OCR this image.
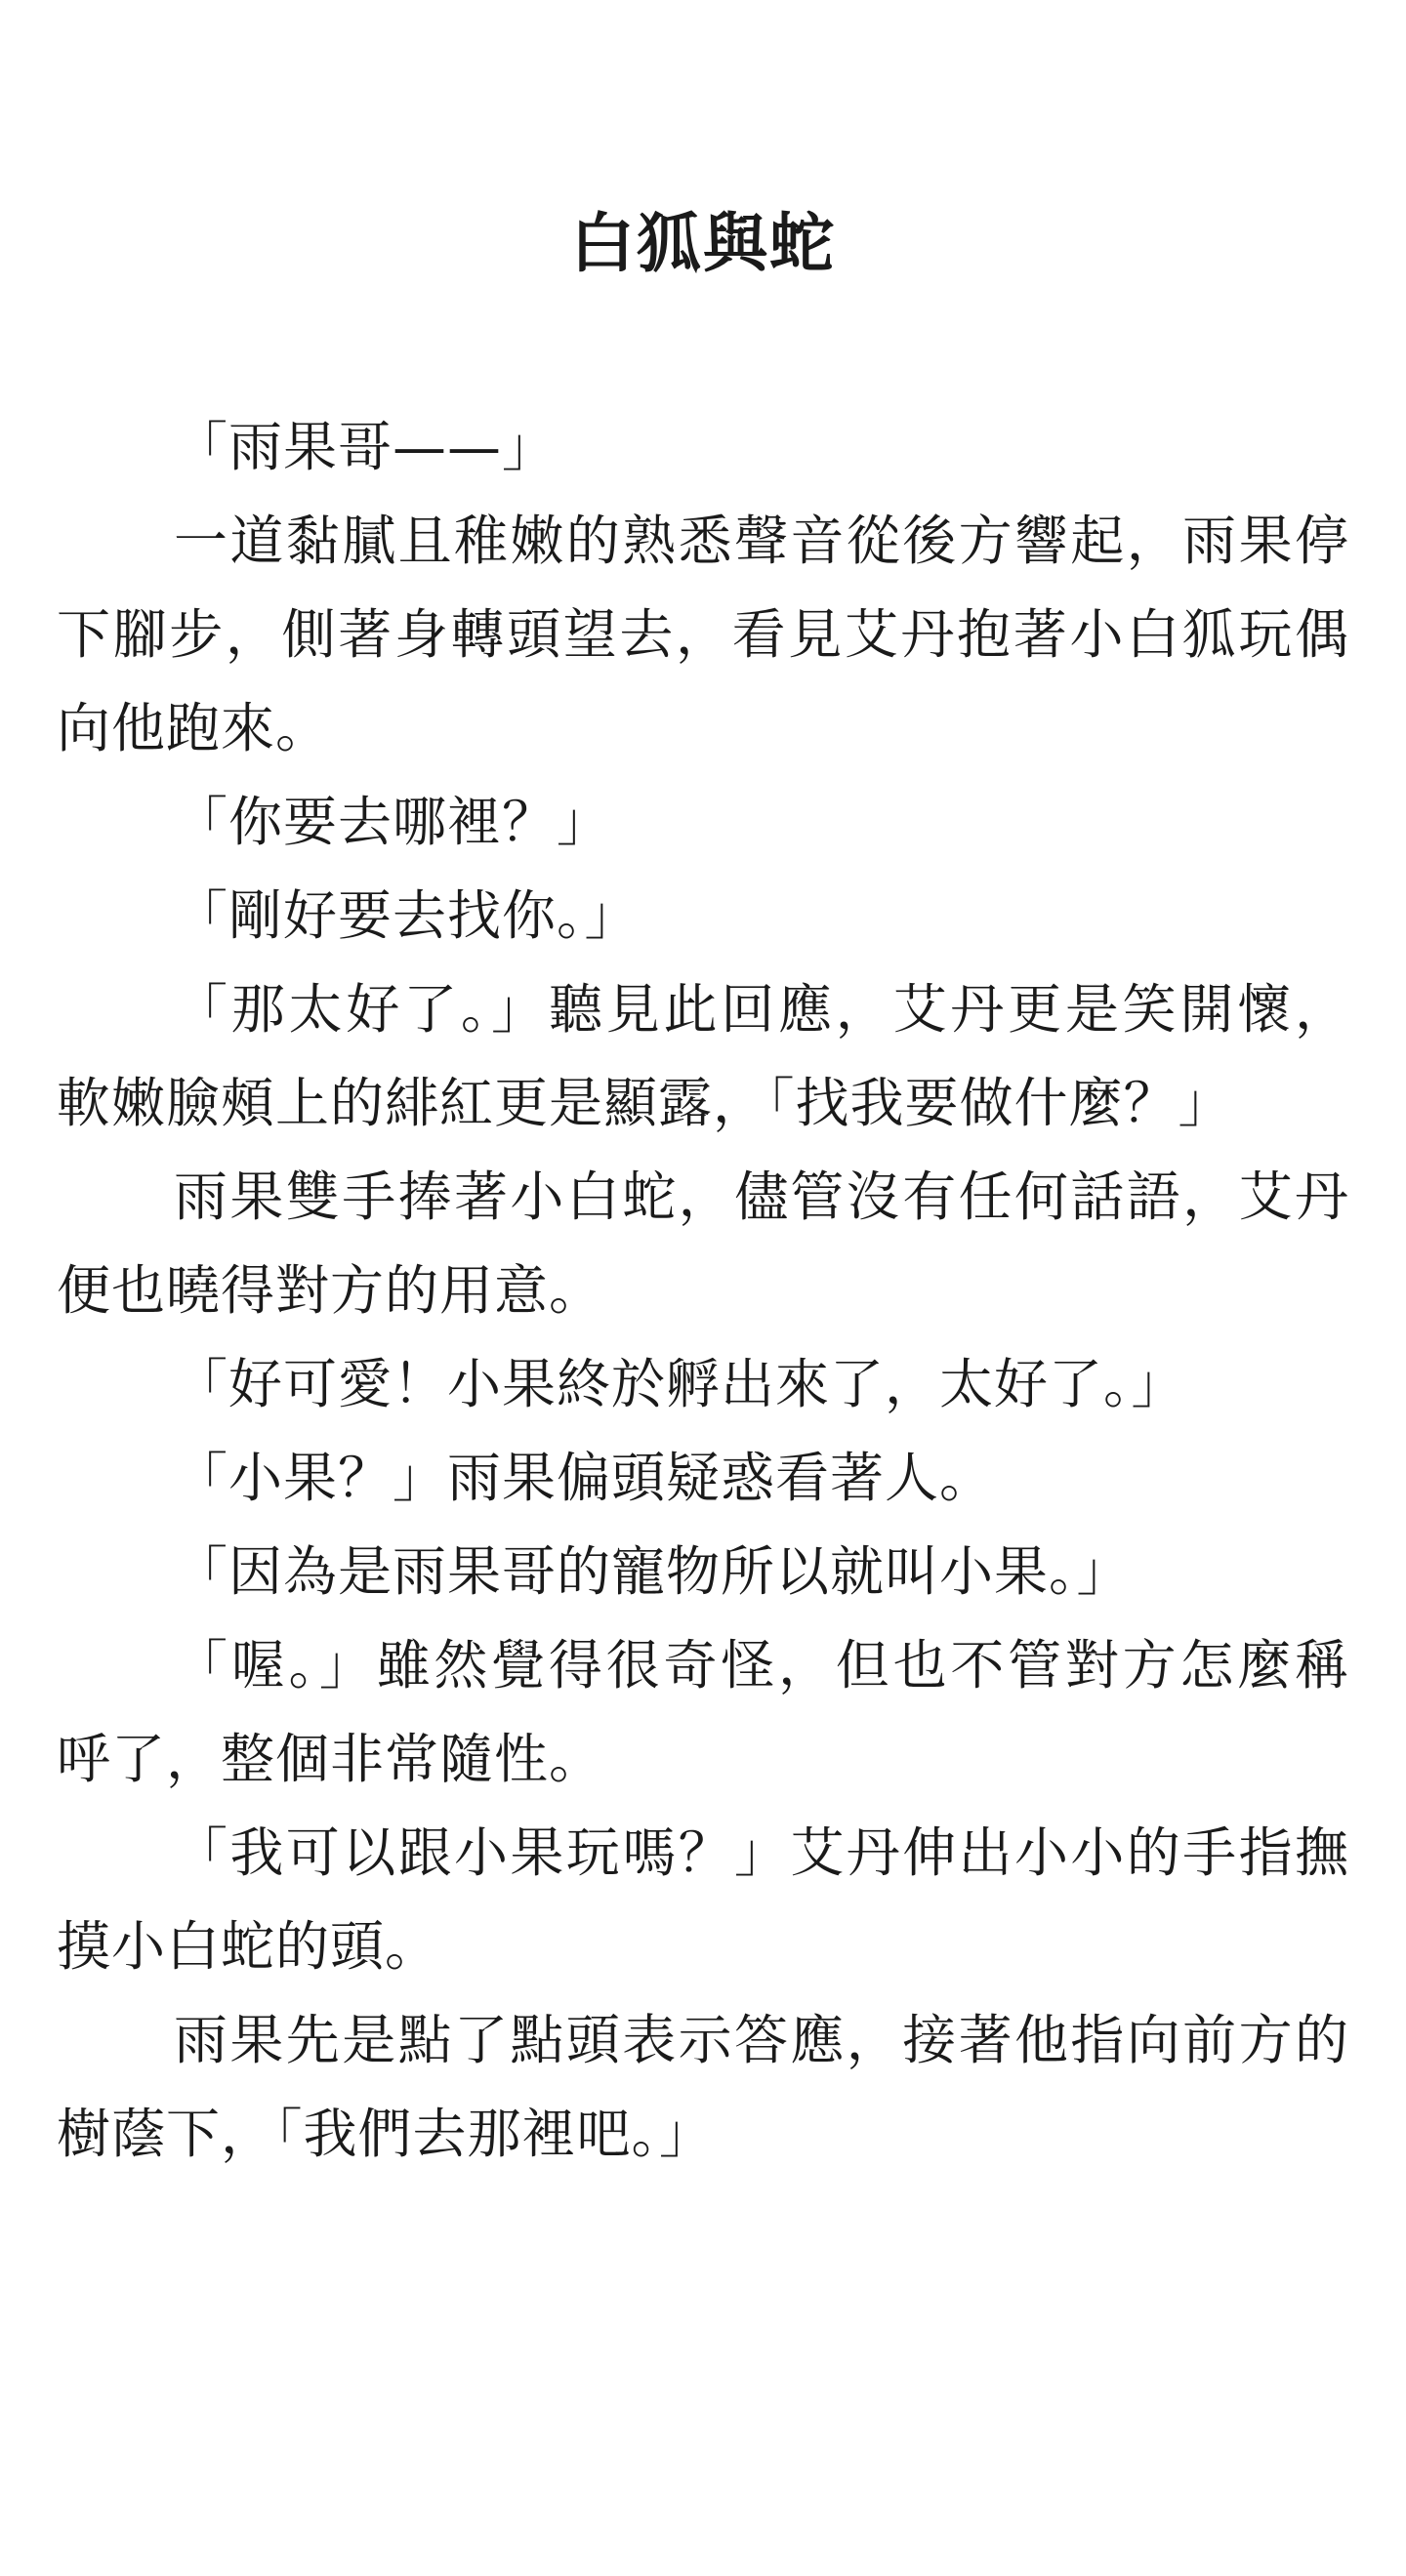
白狐與蛇

「雨果哥——」

一道黏膩且稚嫩的熟悉聲音從後方響起，雨果停下腳步，側著身轉頭望去，看見艾丹抱著小白狐玩偶向他跑來。

「你要去哪裡？」

「剛好要去找你。」

「那太好了。」聽見此回應，艾丹更是笑開懷，軟嫩臉頰上的緋紅更是顯露，「找我要做什麼？」

雨果雙手捧著小白蛇，儘管沒有任何話語，艾丹便也曉得對方的用意。

「好可愛！小果終於孵出來了，太好了。」

「小果？」雨果偏頭疑惑看著人。

「因為是雨果哥的寵物所以就叫小果。」

「喔。」雖然覺得很奇怪，但也不管對方怎麼稱呼了，整個非常隨性。

「我可以跟小果玩嗎？」艾丹伸出小小的手指撫摸小白蛇的頭。

雨果先是點了點頭表示答應，接著他指向前方的樹蔭下，「我們去那裡吧。」
